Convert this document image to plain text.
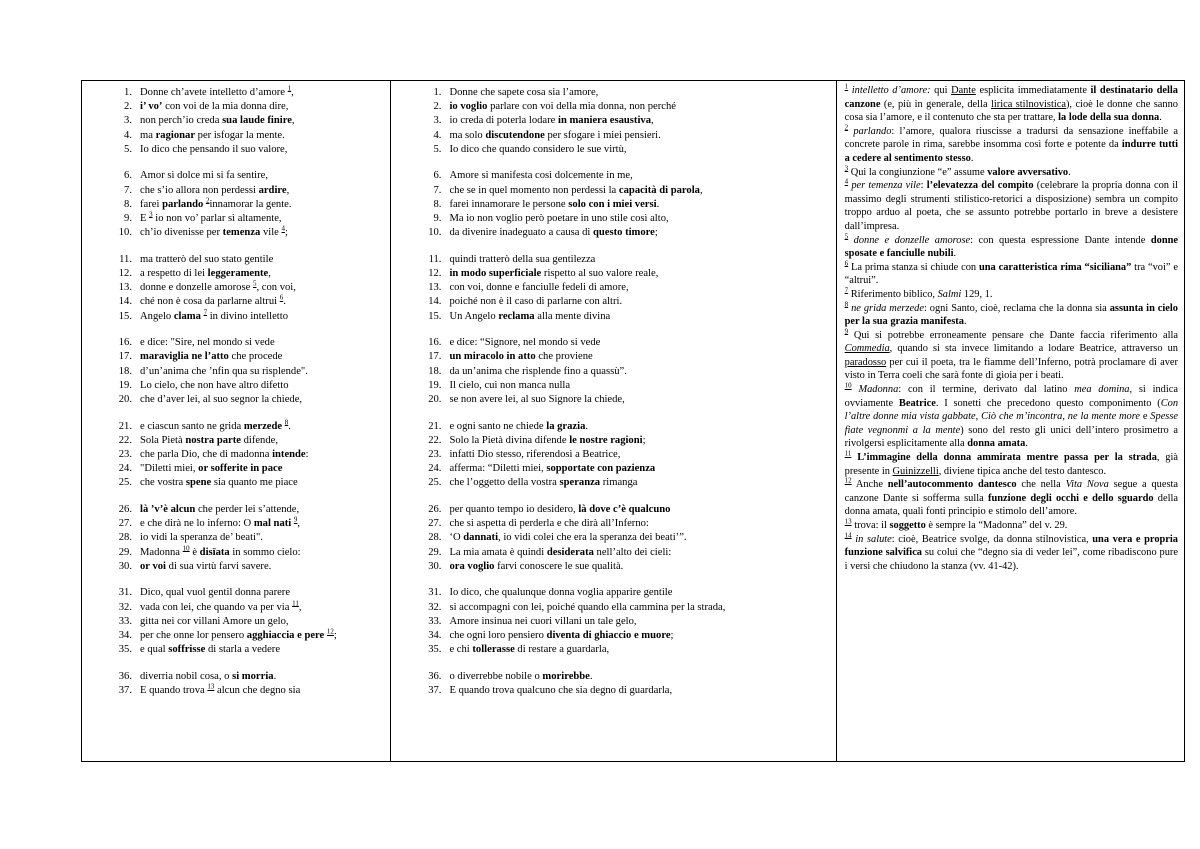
1. Donne ch’avete intelletto d’amore $^1$,
2. i’ vo’ con voi de la mia donna dire,
3. non perch’io creda sua laude finire,
4. ma ragionar per isfogar la mente.
5. Io dico che pensando il suo valore,
6. Amor sì dolce mi si fa sentire,
7. che s’io allora non perdessi ardire,
8. farei parlando $^2$innamorar la gente.
9. E $^3$ io non vo’ parlar sì altamente,
10. ch’io divenisse per temenza vile $^4$;
11. ma tratterò del suo stato gentile
12. a respetto di lei leggeramente,
13. donne e donzelle amorose $^5$, con voi,
14. ché non è cosa da parlarne altrui $^6$.
15. Angelo clama $^7$ in divino intelletto
16. e dice: "Sire, nel mondo si vede
17. maraviglia ne l’atto che procede
18. d’un’anima che ’nfin qua su risplende".
19. Lo cielo, che non have altro difetto
20. che d’aver lei, al suo segnor la chiede,
21. e ciascun santo ne grida merzede $^8$.
22. Sola Pietà nostra parte difende,
23. che parla Dio, che di madonna intende:
24. "Diletti miei, or sofferite in pace
25. che vostra spene sia quanto me piace
26. là ’v’è alcun che perder lei s’attende,
27. e che dirà ne lo inferno: O mal nati $^9$,
28. io vidi la speranza de’ beati".
29. Madonna $^{10}$ è disïata in sommo cielo:
30. or voi di sua virtù farvi savere.
31. Dico, qual vuol gentil donna parere
32. vada con lei, che quando va per via $^{11}$,
33. gitta nei cor villani Amore un gelo,
34. per che onne lor pensero agghiaccia e pere $^{12}$;
35. e qual soffrisse di starla a vedere
36. diverria nobil cosa, o si morria.
37. E quando trova $^{13}$ alcun che degno sia
1. Donne che sapete cosa sia l’amore,
2. io voglio parlare con voi della mia donna, non perché
3. io creda di poterla lodare in maniera esaustiva,
4. ma solo discutendone per sfogare i miei pensieri.
5. Io dico che quando considero le sue virtù,
6. Amore si manifesta così dolcemente in me,
7. che se in quel momento non perdessi la capacità di parola,
8. farei innamorare le persone solo con i miei versi.
9. Ma io non voglio però poetare in uno stile così alto,
10. da divenire inadeguato a causa di questo timore;
11. quindi tratterò della sua gentilezza
12. in modo superficiale rispetto al suo valore reale,
13. con voi, donne e fanciulle fedeli di amore,
14. poiché non è il caso di parlarne con altri.
15. Un Angelo reclama alla mente divina
16. e dice: “Signore, nel mondo si vede
17. un miracolo in atto che proviene
18. da un’anima che risplende fino a quassù”.
19. Il cielo, cui non manca nulla
20. se non avere lei, al suo Signore la chiede,
21. e ogni santo ne chiede la grazia.
22. Solo la Pietà divina difende le nostre ragioni;
23. infatti Dio stesso, riferendosi a Beatrice,
24. afferma: “Diletti miei, sopportate con pazienza
25. che l’oggetto della vostra speranza rimanga
26. per quanto tempo io desidero, là dove c’è qualcuno
27. che si aspetta di perderla e che dirà all’Inferno:
28. ‘O dannati, io vidi colei che era la speranza dei beati’”.
29. La mia amata è quindi desiderata nell’alto dei cieli:
30. ora voglio farvi conoscere le sue qualità.
31. Io dico, che qualunque donna voglia apparire gentile
32. si accompagni con lei, poiché quando ella cammina per la strada,
33. Amore insinua nei cuori villani un tale gelo,
34. che ogni loro pensiero diventa di ghiaccio e muore;
35. e chi tollerasse di restare a guardarla,
36. o diverrebbe nobile o morirebbe.
37. E quando trova qualcuno che sia degno di guardarla,

$^1$ intelletto d’amore: qui Dante esplicita immediatamente il destinatario della canzone (e, più in generale, della lirica stilnovistica), cioè le donne che sanno cosa sia l’amore, e il contenuto che sta per trattare, la lode della sua donna.

$^2$ parlando: l’amore, qualora riuscisse a tradursi da sensazione ineffabile a concrete parole in rima, sarebbe insomma così forte e potente da indurre tutti a cedere al sentimento stesso.

$^3$ Qui la congiunzione “e” assume valore avversativo.

$^4$ per temenza vile: l’elevatezza del compito (celebrare la propria donna con il massimo degli strumenti stilistico-retorici a disposizione) sembra un compito troppo arduo al poeta, che se assunto potrebbe portarlo in breve a desistere dall’impresa.

$^5$ donne e donzelle amorose: con questa espressione Dante intende donne sposate e fanciulle nubili.

$^6$ La prima stanza si chiude con una caratteristica rima “siciliana” tra “voi” e “altrui”.

$^7$ Riferimento biblico, Salmi 129, 1.

$^8$ ne grida merzede: ogni Santo, cioè, reclama che la donna sia assunta in cielo per la sua grazia manifesta.

$^9$ Qui si potrebbe erroneamente pensare che Dante faccia riferimento alla Commedia, quando si sta invece limitando a lodare Beatrice, attraverso un paradosso per cui il poeta, tra le fiamme dell’Inferno, potrà proclamare di aver visto in Terra coeli che sarà fonte di gioia per i beati.

$^{10}$ Madonna: con il termine, derivato dal latino mea domina, si indica ovviamente Beatrice. I sonetti che precedono questo componimento (Con l’altre donne mia vista gabbate, Ciò che m’incontra, ne la mente more e Spesse fiate vegnonmi a la mente) sono del resto gli unici dell’intero prosimetro a rivolgersi esplicitamente alla donna amata.

$^{11}$ L’immagine della donna ammirata mentre passa per la strada, già presente in Guinizzelli, diviene tipica anche del testo dantesco.

$^{12}$ Anche nell’autocommento dantesco che nella Vita Nova segue a questa canzone Dante si sofferma sulla funzione degli occhi e dello sguardo della donna amata, quali fonti principio e stimolo dell’amore.

$^{13}$ trova: il soggetto è sempre la “Madonna” del v. 29.

$^{14}$ in salute: cioè, Beatrice svolge, da donna stilnovistica, una vera e propria funzione salvifica su colui che “degno sia di veder lei”, come ribadiscono pure i versi che chiudono la stanza (vv. 41-42).
